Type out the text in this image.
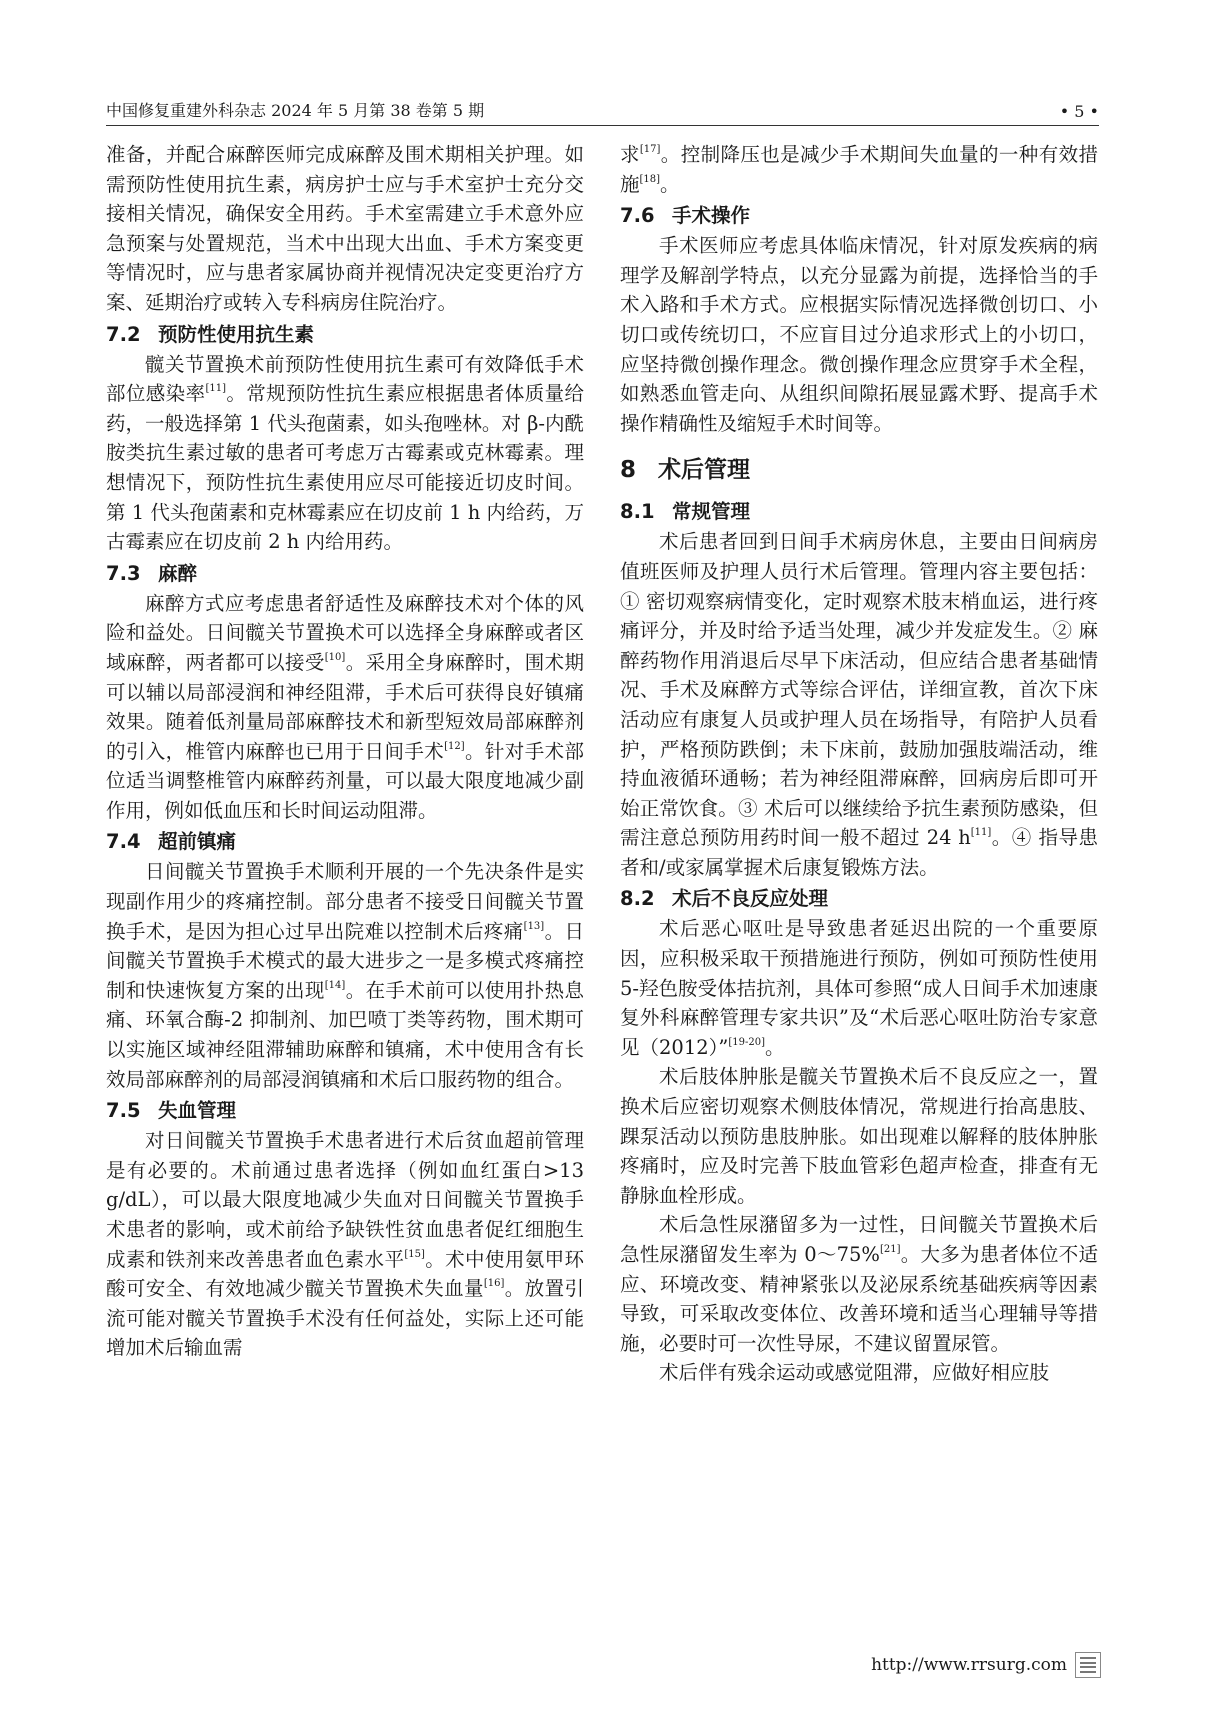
中国修复重建外科杂志 2024 年 5 月第 38 卷第 5 期	• 5 •

准备，并配合麻醉医师完成麻醉及围术期相关护理。如需预防性使用抗生素，病房护士应与手术室护士充分交接相关情况，确保安全用药。手术室需建立手术意外应急预案与处置规范，当术中出现大出血、手术方案变更等情况时，应与患者家属协商并视情况决定变更治疗方案、延期治疗或转入专科病房住院治疗。

7.2 预防性使用抗生素

髋关节置换术前预防性使用抗生素可有效降低手术部位感染率[11]。常规预防性抗生素应根据患者体质量给药，一般选择第 1 代头孢菌素，如头孢唑林。对 β-内酰胺类抗生素过敏的患者可考虑万古霉素或克林霉素。理想情况下，预防性抗生素使用应尽可能接近切皮时间。第 1 代头孢菌素和克林霉素应在切皮前 1 h 内给药，万古霉素应在切皮前 2 h 内给用药。

7.3 麻醉

麻醉方式应考虑患者舒适性及麻醉技术对个体的风险和益处。日间髋关节置换术可以选择全身麻醉或者区域麻醉，两者都可以接受[10]。采用全身麻醉时，围术期可以辅以局部浸润和神经阻滞，手术后可获得良好镇痛效果。随着低剂量局部麻醉技术和新型短效局部麻醉剂的引入，椎管内麻醉也已用于日间手术[12]。针对手术部位适当调整椎管内麻醉药剂量，可以最大限度地减少副作用，例如低血压和长时间运动阻滞。

7.4 超前镇痛

日间髋关节置换手术顺利开展的一个先决条件是实现副作用少的疼痛控制。部分患者不接受日间髋关节置换手术，是因为担心过早出院难以控制术后疼痛[13]。日间髋关节置换手术模式的最大进步之一是多模式疼痛控制和快速恢复方案的出现[14]。在手术前可以使用扑热息痛、环氧合酶-2 抑制剂、加巴喷丁类等药物，围术期可以实施区域神经阻滞辅助麻醉和镇痛，术中使用含有长效局部麻醉剂的局部浸润镇痛和术后口服药物的组合。

7.5 失血管理

对日间髋关节置换手术患者进行术后贫血超前管理是有必要的。术前通过患者选择（例如血红蛋白>13 g/dL），可以最大限度地减少失血对日间髋关节置换手术患者的影响，或术前给予缺铁性贫血患者促红细胞生成素和铁剂来改善患者血色素水平[15]。术中使用氨甲环酸可安全、有效地减少髋关节置换术失血量[16]。放置引流可能对髋关节置换手术没有任何益处，实际上还可能增加术后输血需

求[17]。控制降压也是减少手术期间失血量的一种有效措施[18]。

7.6 手术操作

手术医师应考虑具体临床情况，针对原发疾病的病理学及解剖学特点，以充分显露为前提，选择恰当的手术入路和手术方式。应根据实际情况选择微创切口、小切口或传统切口，不应盲目过分追求形式上的小切口，应坚持微创操作理念。微创操作理念应贯穿手术全程，如熟悉血管走向、从组织间隙拓展显露术野、提高手术操作精确性及缩短手术时间等。

8 术后管理
8.1 常规管理

术后患者回到日间手术病房休息，主要由日间病房值班医师及护理人员行术后管理。管理内容主要包括：① 密切观察病情变化，定时观察术肢末梢血运，进行疼痛评分，并及时给予适当处理，减少并发症发生。② 麻醉药物作用消退后尽早下床活动，但应结合患者基础情况、手术及麻醉方式等综合评估，详细宣教，首次下床活动应有康复人员或护理人员在场指导，有陪护人员看护，严格预防跌倒；未下床前，鼓励加强肢端活动，维持血液循环通畅；若为神经阻滞麻醉，回病房后即可开始正常饮食。③ 术后可以继续给予抗生素预防感染，但需注意总预防用药时间一般不超过 24 h[11]。④ 指导患者和/或家属掌握术后康复锻炼方法。

8.2 术后不良反应处理

术后恶心呕吐是导致患者延迟出院的一个重要原因，应积极采取干预措施进行预防，例如可预防性使用 5-羟色胺受体拮抗剂，具体可参照“成人日间手术加速康复外科麻醉管理专家共识”及“术后恶心呕吐防治专家意见（2012）”[19-20]。

术后肢体肿胀是髋关节置换术后不良反应之一，置换术后应密切观察术侧肢体情况，常规进行抬高患肢、踝泵活动以预防患肢肿胀。如出现难以解释的肢体肿胀疼痛时，应及时完善下肢血管彩色超声检查，排查有无静脉血栓形成。

术后急性尿潴留多为一过性，日间髋关节置换术后急性尿潴留发生率为 0～75%[21]。大多为患者体位不适应、环境改变、精神紧张以及泌尿系统基础疾病等因素导致，可采取改变体位、改善环境和适当心理辅导等措施，必要时可一次性导尿，不建议留置尿管。

术后伴有残余运动或感觉阻滞，应做好相应肢

http://www.rrsurg.com
